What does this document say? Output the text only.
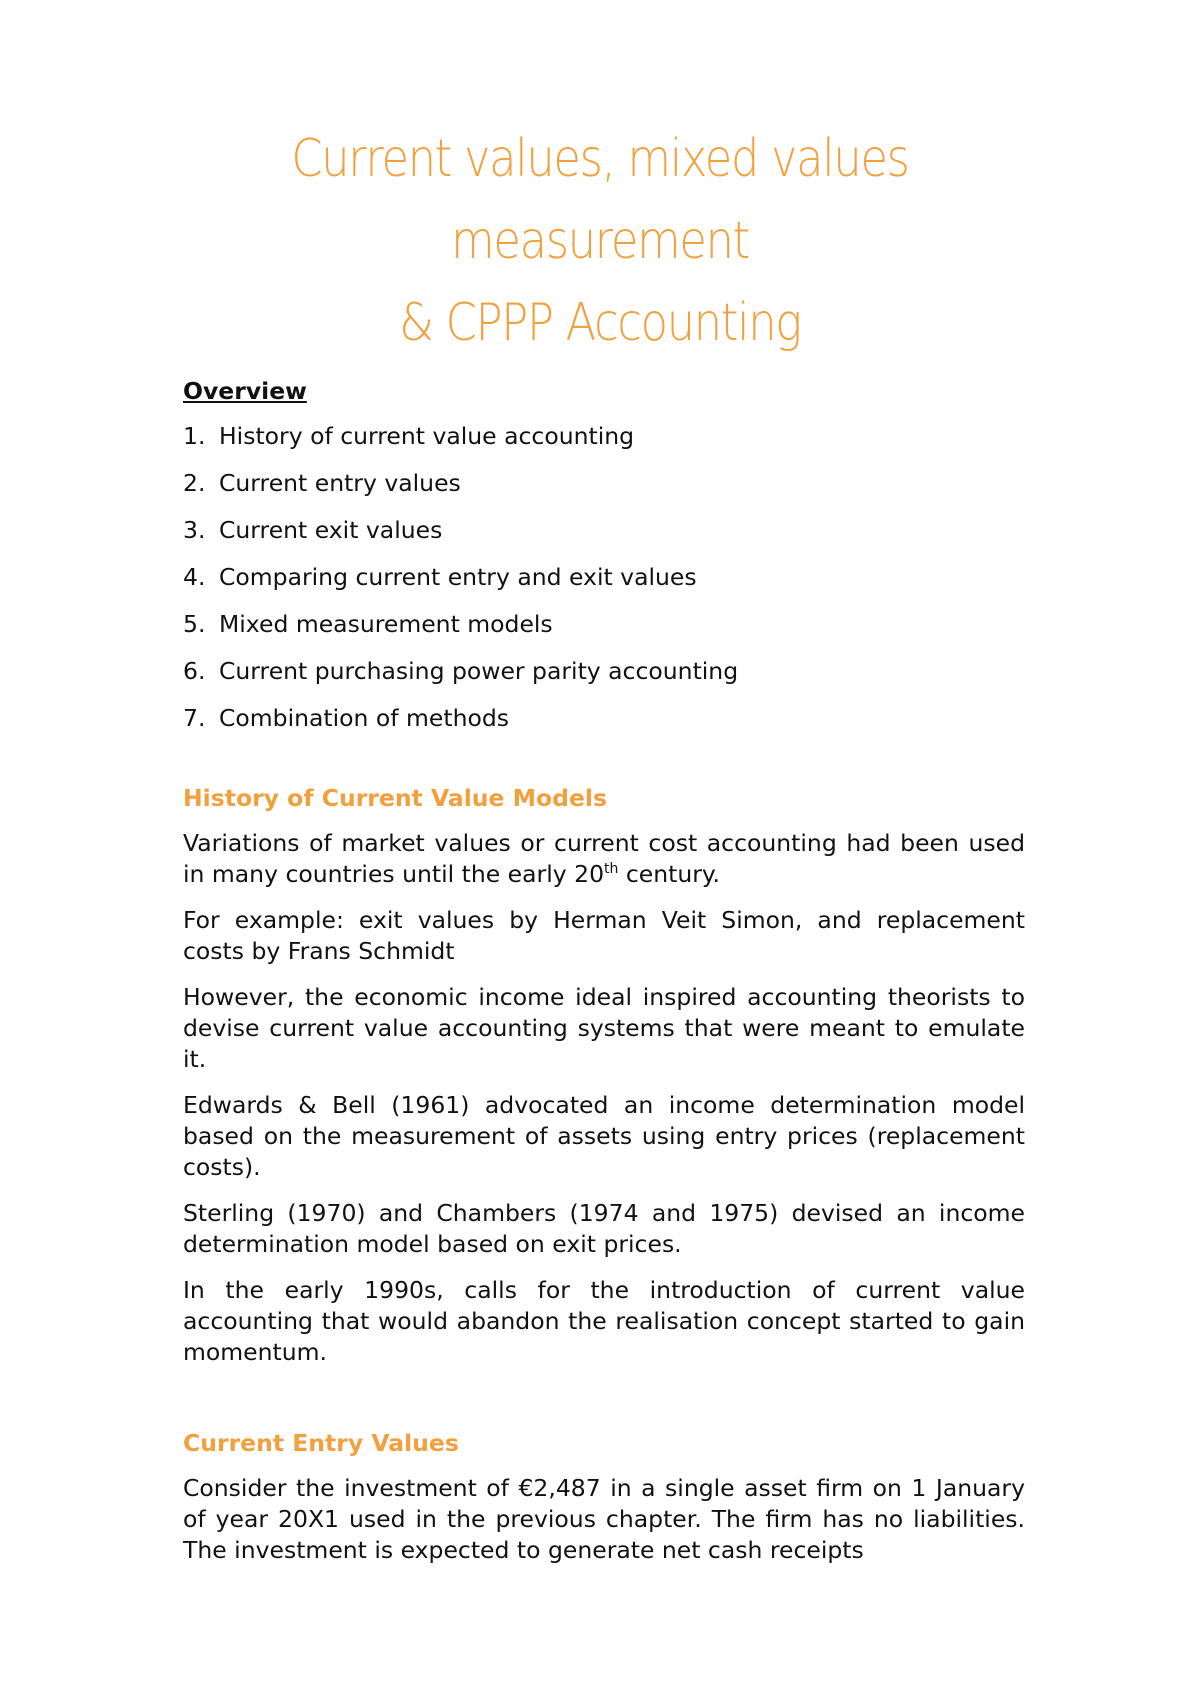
Current values, mixed values measurement
& CPPP Accounting
Overview
1. History of current value accounting
2. Current entry values
3. Current exit values
4. Comparing current entry and exit values
5. Mixed measurement models
6. Current purchasing power parity accounting
7. Combination of methods
History of Current Value Models

Variations of market values or current cost accounting had been used in many countries until the early 20th century.

For example: exit values by Herman Veit Simon, and replacement costs by Frans Schmidt

However, the economic income ideal inspired accounting theorists to devise current value accounting systems that were meant to emulate it.

Edwards & Bell (1961) advocated an income determination model based on the measurement of assets using entry prices (replacement costs).

Sterling (1970) and Chambers (1974 and 1975) devised an income determination model based on exit prices.

In the early 1990s, calls for the introduction of current value accounting that would abandon the realisation concept started to gain momentum.

Current Entry Values

Consider the investment of €2,487 in a single asset firm on 1 January of year 20X1 used in the previous chapter. The firm has no liabilities. The investment is expected to generate net cash receipts
